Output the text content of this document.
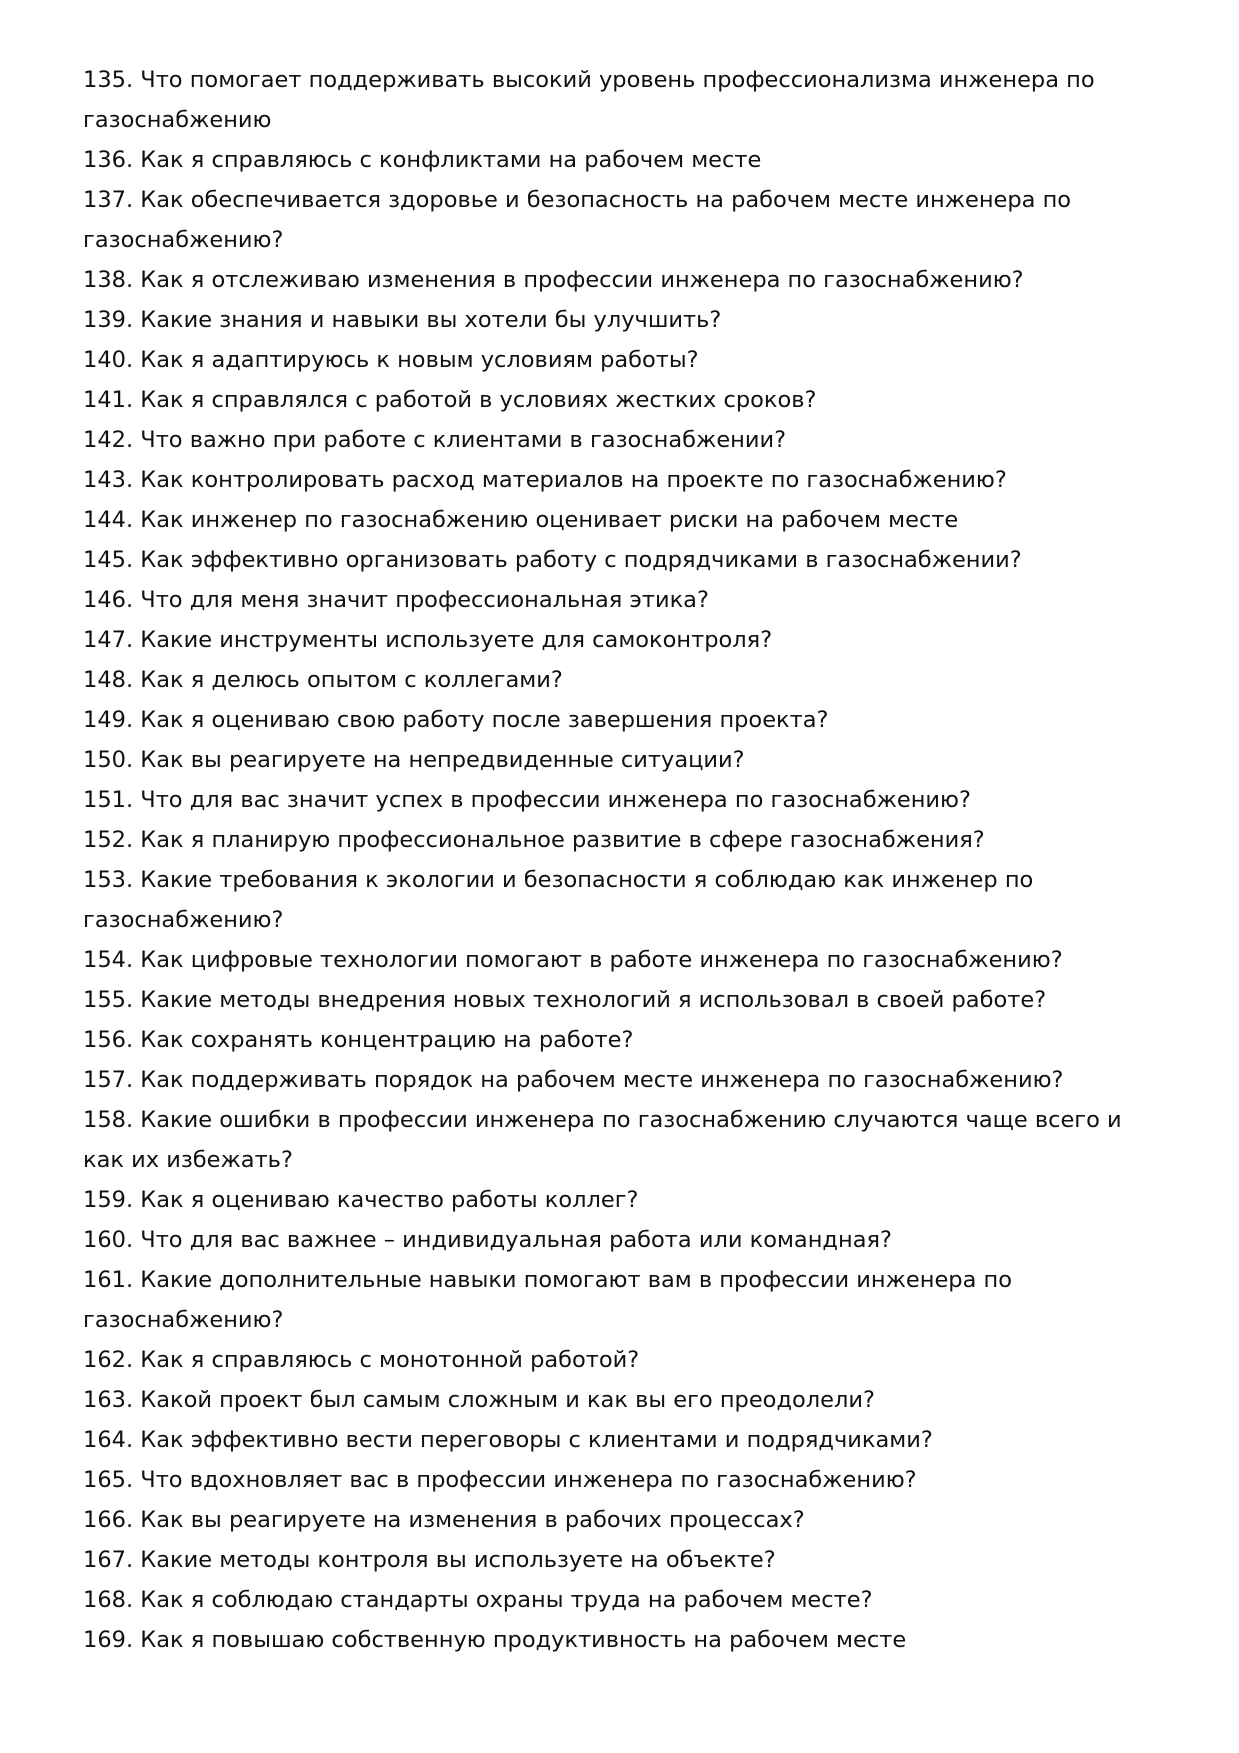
135. Что помогает поддерживать высокий уровень профессионализма инженера по газоснабжению
136. Как я справляюсь с конфликтами на рабочем месте
137. Как обеспечивается здоровье и безопасность на рабочем месте инженера по газоснабжению?
138. Как я отслеживаю изменения в профессии инженера по газоснабжению?
139. Какие знания и навыки вы хотели бы улучшить?
140. Как я адаптируюсь к новым условиям работы?
141. Как я справлялся с работой в условиях жестких сроков?
142. Что важно при работе с клиентами в газоснабжении?
143. Как контролировать расход материалов на проекте по газоснабжению?
144. Как инженер по газоснабжению оценивает риски на рабочем месте
145. Как эффективно организовать работу с подрядчиками в газоснабжении?
146. Что для меня значит профессиональная этика?
147. Какие инструменты используете для самоконтроля?
148. Как я делюсь опытом с коллегами?
149. Как я оцениваю свою работу после завершения проекта?
150. Как вы реагируете на непредвиденные ситуации?
151. Что для вас значит успех в профессии инженера по газоснабжению?
152. Как я планирую профессиональное развитие в сфере газоснабжения?
153. Какие требования к экологии и безопасности я соблюдаю как инженер по газоснабжению?
154. Как цифровые технологии помогают в работе инженера по газоснабжению?
155. Какие методы внедрения новых технологий я использовал в своей работе?
156. Как сохранять концентрацию на работе?
157. Как поддерживать порядок на рабочем месте инженера по газоснабжению?
158. Какие ошибки в профессии инженера по газоснабжению случаются чаще всего и как их избежать?
159. Как я оцениваю качество работы коллег?
160. Что для вас важнее – индивидуальная работа или командная?
161. Какие дополнительные навыки помогают вам в профессии инженера по газоснабжению?
162. Как я справляюсь с монотонной работой?
163. Какой проект был самым сложным и как вы его преодолели?
164. Как эффективно вести переговоры с клиентами и подрядчиками?
165. Что вдохновляет вас в профессии инженера по газоснабжению?
166. Как вы реагируете на изменения в рабочих процессах?
167. Какие методы контроля вы используете на объекте?
168. Как я соблюдаю стандарты охраны труда на рабочем месте?
169. Как я повышаю собственную продуктивность на рабочем месте
